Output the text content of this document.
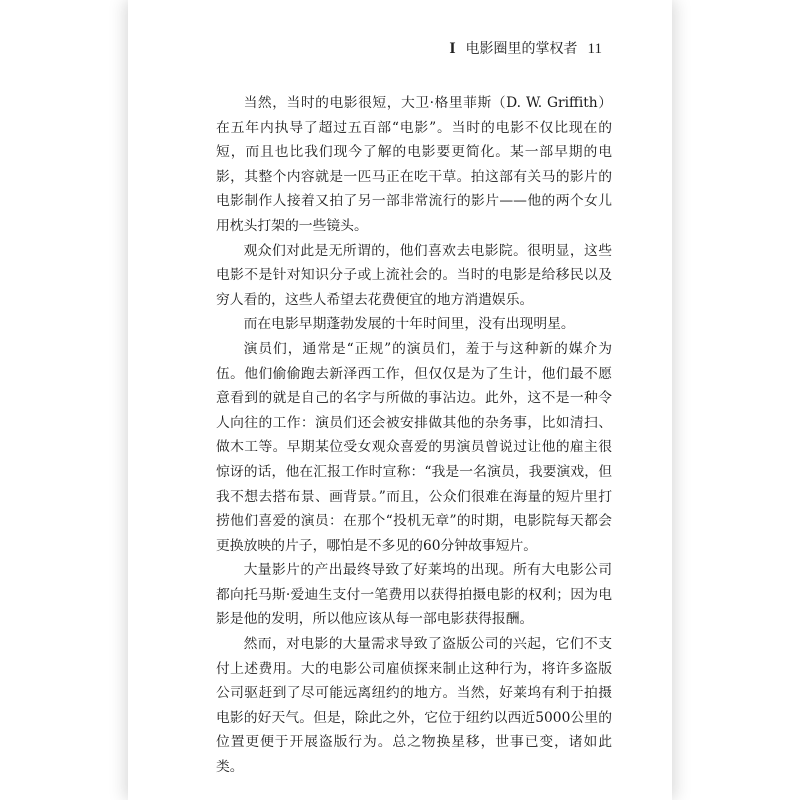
I 电影圈里的掌权者 11

当然，当时的电影很短，大卫·格里菲斯（D. W. Griffith）在五年内执导了超过五百部“电影”。当时的电影不仅比现在的短，而且也比我们现今了解的电影要更简化。某一部早期的电影，其整个内容就是一匹马正在吃干草。拍这部有关马的影片的电影制作人接着又拍了另一部非常流行的影片——他的两个女儿用枕头打架的一些镜头。

观众们对此是无所谓的，他们喜欢去电影院。很明显，这些电影不是针对知识分子或上流社会的。当时的电影是给移民以及穷人看的，这些人希望去花费便宜的地方消遣娱乐。

而在电影早期蓬勃发展的十年时间里，没有出现明星。

演员们，通常是“正规”的演员们，羞于与这种新的媒介为伍。他们偷偷跑去新泽西工作，但仅仅是为了生计，他们最不愿意看到的就是自己的名字与所做的事沾边。此外，这不是一种令人向往的工作：演员们还会被安排做其他的杂务事，比如清扫、做木工等。早期某位受女观众喜爱的男演员曾说过让他的雇主很惊讶的话，他在汇报工作时宣称：“我是一名演员，我要演戏，但我不想去搭布景、画背景。”而且，公众们很难在海量的短片里打捞他们喜爱的演员：在那个“投机无章”的时期，电影院每天都会更换放映的片子，哪怕是不多见的60分钟故事短片。

大量影片的产出最终导致了好莱坞的出现。所有大电影公司都向托马斯·爱迪生支付一笔费用以获得拍摄电影的权利；因为电影是他的发明，所以他应该从每一部电影获得报酬。

然而，对电影的大量需求导致了盗版公司的兴起，它们不支付上述费用。大的电影公司雇侦探来制止这种行为，将许多盗版公司驱赶到了尽可能远离纽约的地方。当然，好莱坞有利于拍摄电影的好天气。但是，除此之外，它位于纽约以西近5000公里的位置更便于开展盗版行为。总之物换星移，世事已变，诸如此类。
